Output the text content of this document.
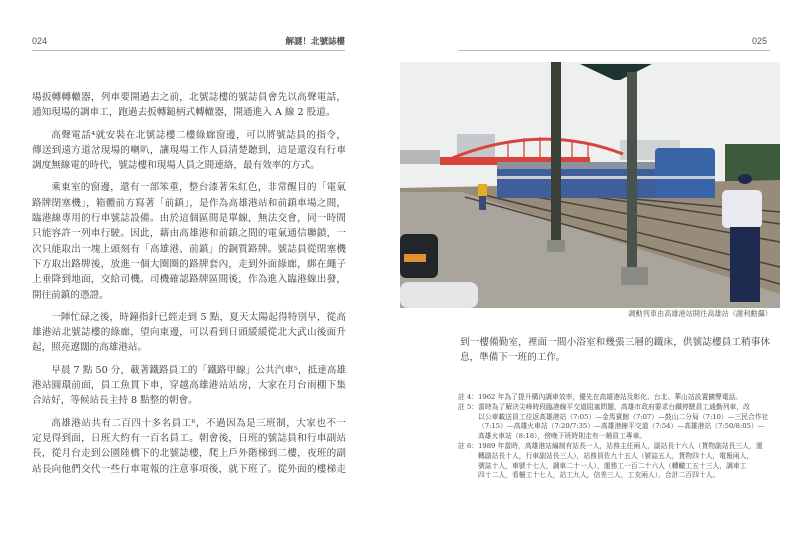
024	解謎！北號誌樓
場扳轉轉轍器，列車要開過去之前，北號誌樓的號誌員會先以高聲電話，
通知現場的調車工，跑過去扳轉鎚柄式轉轍器，開通進入 A 線 2 股道。
高聲電話⁴就安裝在北號誌樓二樓綠廊窗邊，可以將號誌員的指令，
傳送到遠方道岔現場的喇叭，讓現場工作人員清楚聽到，這是還沒有行車
調度無線電的時代，號誌樓和現場人員之間連絡，最有效率的方式。
乘東室的窗邊，還有一部笨重，整台漆著朱紅色，非常醒目的「電氣
路牌閉塞機」，箱體前方寫著「前鎮」，是作為高雄港站和前鎮車場之間，
臨港線專用的行車號誌設備。由於這個區間是單線，無法交會，同一時間
只能容許一列車行駛。因此，藉由高雄港和前鎮之間的電氣通信聯鎖，一
次只能取出一塊上頭刻有「高雄港、前鎮」的銅質路牌。號誌員從閉塞機
下方取出路牌後，放進一個大圈圈的路牌套內，走到外面綠廊，綁在繩子
上垂降到地面，交給司機。司機確認路牌區間後，作為進入臨港線出發，
開往前鎮的憑證。
一陣忙碌之後，時鐘指針已經走到 5 點，夏天太陽起得特別早，從高
雄港站北號誌樓的綠廊，望向東邊，可以看到日頭緩緩從北大武山後面升
起，照亮遼闊的高雄港站。
早晨 7 點 50 分，載著鐵路員工的「鐵路甲線」公共汽車⁵，抵達高雄
港站圓環前面，員工魚貫下車，穿越高雄港站站房，大家在月台雨棚下集
合站好，等候站長主持 8 點整的朝會。
高雄港站共有二百四十多名員工⁶，不過因為是三班制，大家也不一
定見得到面，日班大約有一百名員工。朝會後，日班的號誌員和行車副站
長，從月台走到公園陸橋下的北號誌樓，爬上戶外階梯到二樓，夜班的副
站長向他們交代一些行車電報的注意事項後，就下班了。從外面的樓梯走
025
調動列車由高雄港站開往高雄站（謝利勳攝）
到一樓備勤室，裡面一間小浴室和幾張三層的鐵床，供號誌樓員工稍事休
息，準備下一班的工作。
註 4：1962 年為了提升構內調車效率，優先在高雄港站及彰化、台北、華山站設置擴聲電話。
註 5：當時為了解決尖峰時段臨港線平交道阻塞問題，高雄市政府要求台鐵停駛員工通勤列車，改
以公車載送員工往返高雄港站（7:05）—金馬賓館（7:07）—鼓山二分局（7:10）—三民合作社
（7:15）—高雄火車站（7:20/7:35）—高雄港線平交道（7:54）—高雄港站（7:50/8:05）—
高雄火車站（8:18），傍晚下班時則走有一趟員工專車。
註 6：1989 年當時，高雄港站編制有站長一人，站務主任兩人，副站長十六人（貨物副站長三人，運
轉副站長十人，行車副站長三人），站務員佐九十五人（號誌五人，貨物四十人，電報兩人，
號誌十人，車號十七人，調車二十一人），運務工一百二十六人（轉轍工五十三人，調車工
四十二人，看柵工十七人，站工九人，信差三人，工友兩人），合計二百四十人。
